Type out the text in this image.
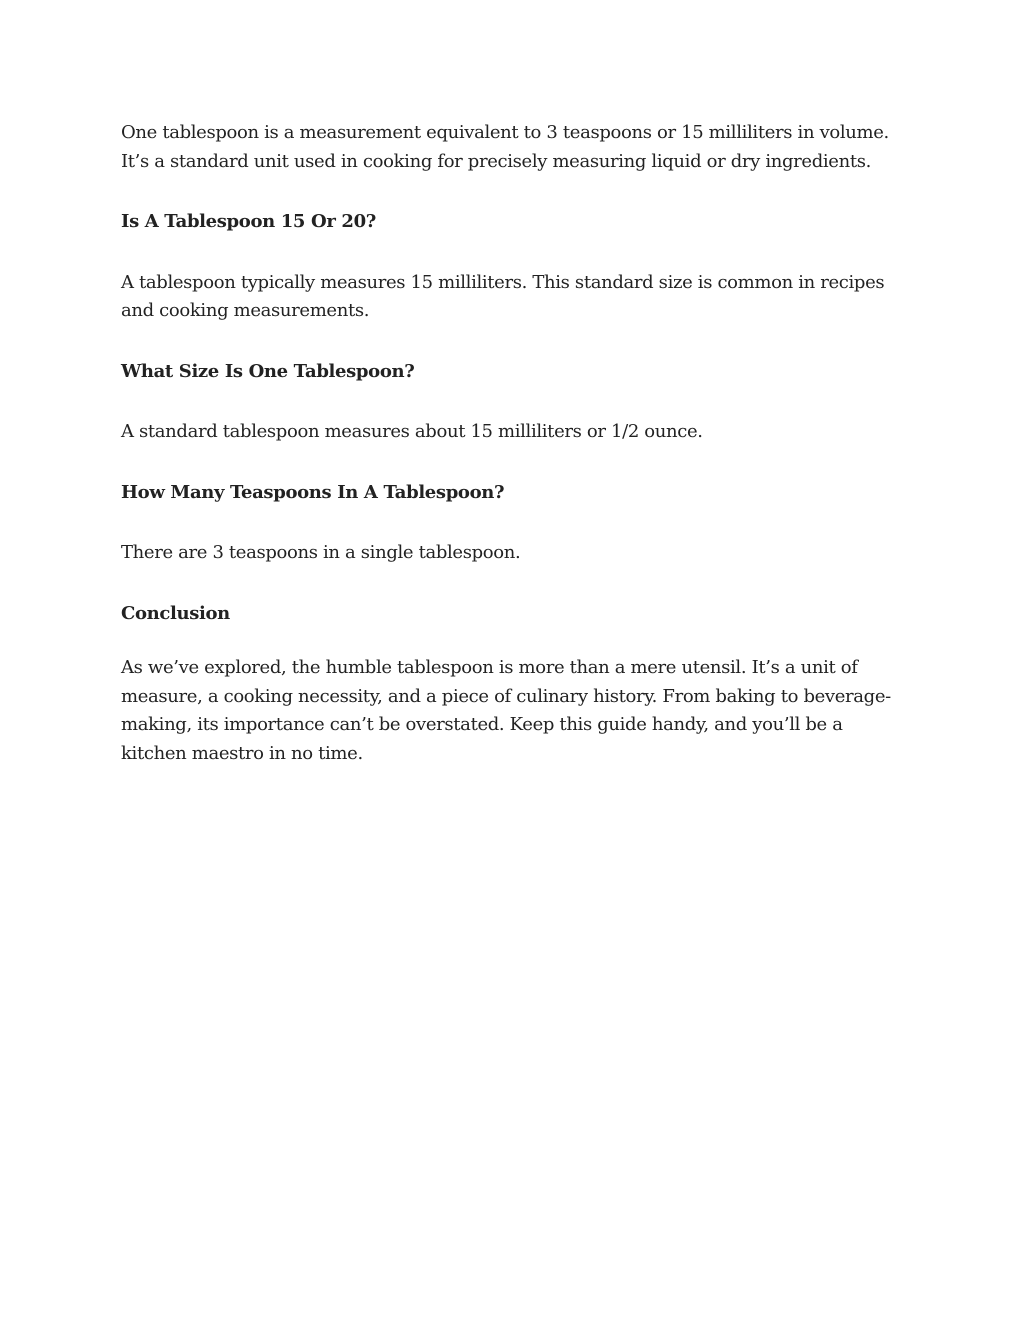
One tablespoon is a measurement equivalent to 3 teaspoons or 15 milliliters in volume.
It’s a standard unit used in cooking for precisely measuring liquid or dry ingredients.

Is A Tablespoon 15 Or 20?

A tablespoon typically measures 15 milliliters. This standard size is common in recipes
and cooking measurements.

What Size Is One Tablespoon?

A standard tablespoon measures about 15 milliliters or 1/2 ounce.

How Many Teaspoons In A Tablespoon?

There are 3 teaspoons in a single tablespoon.

Conclusion

As we’ve explored, the humble tablespoon is more than a mere utensil. It’s a unit of
measure, a cooking necessity, and a piece of culinary history. From baking to beverage-
making, its importance can’t be overstated. Keep this guide handy, and you’ll be a
kitchen maestro in no time.
